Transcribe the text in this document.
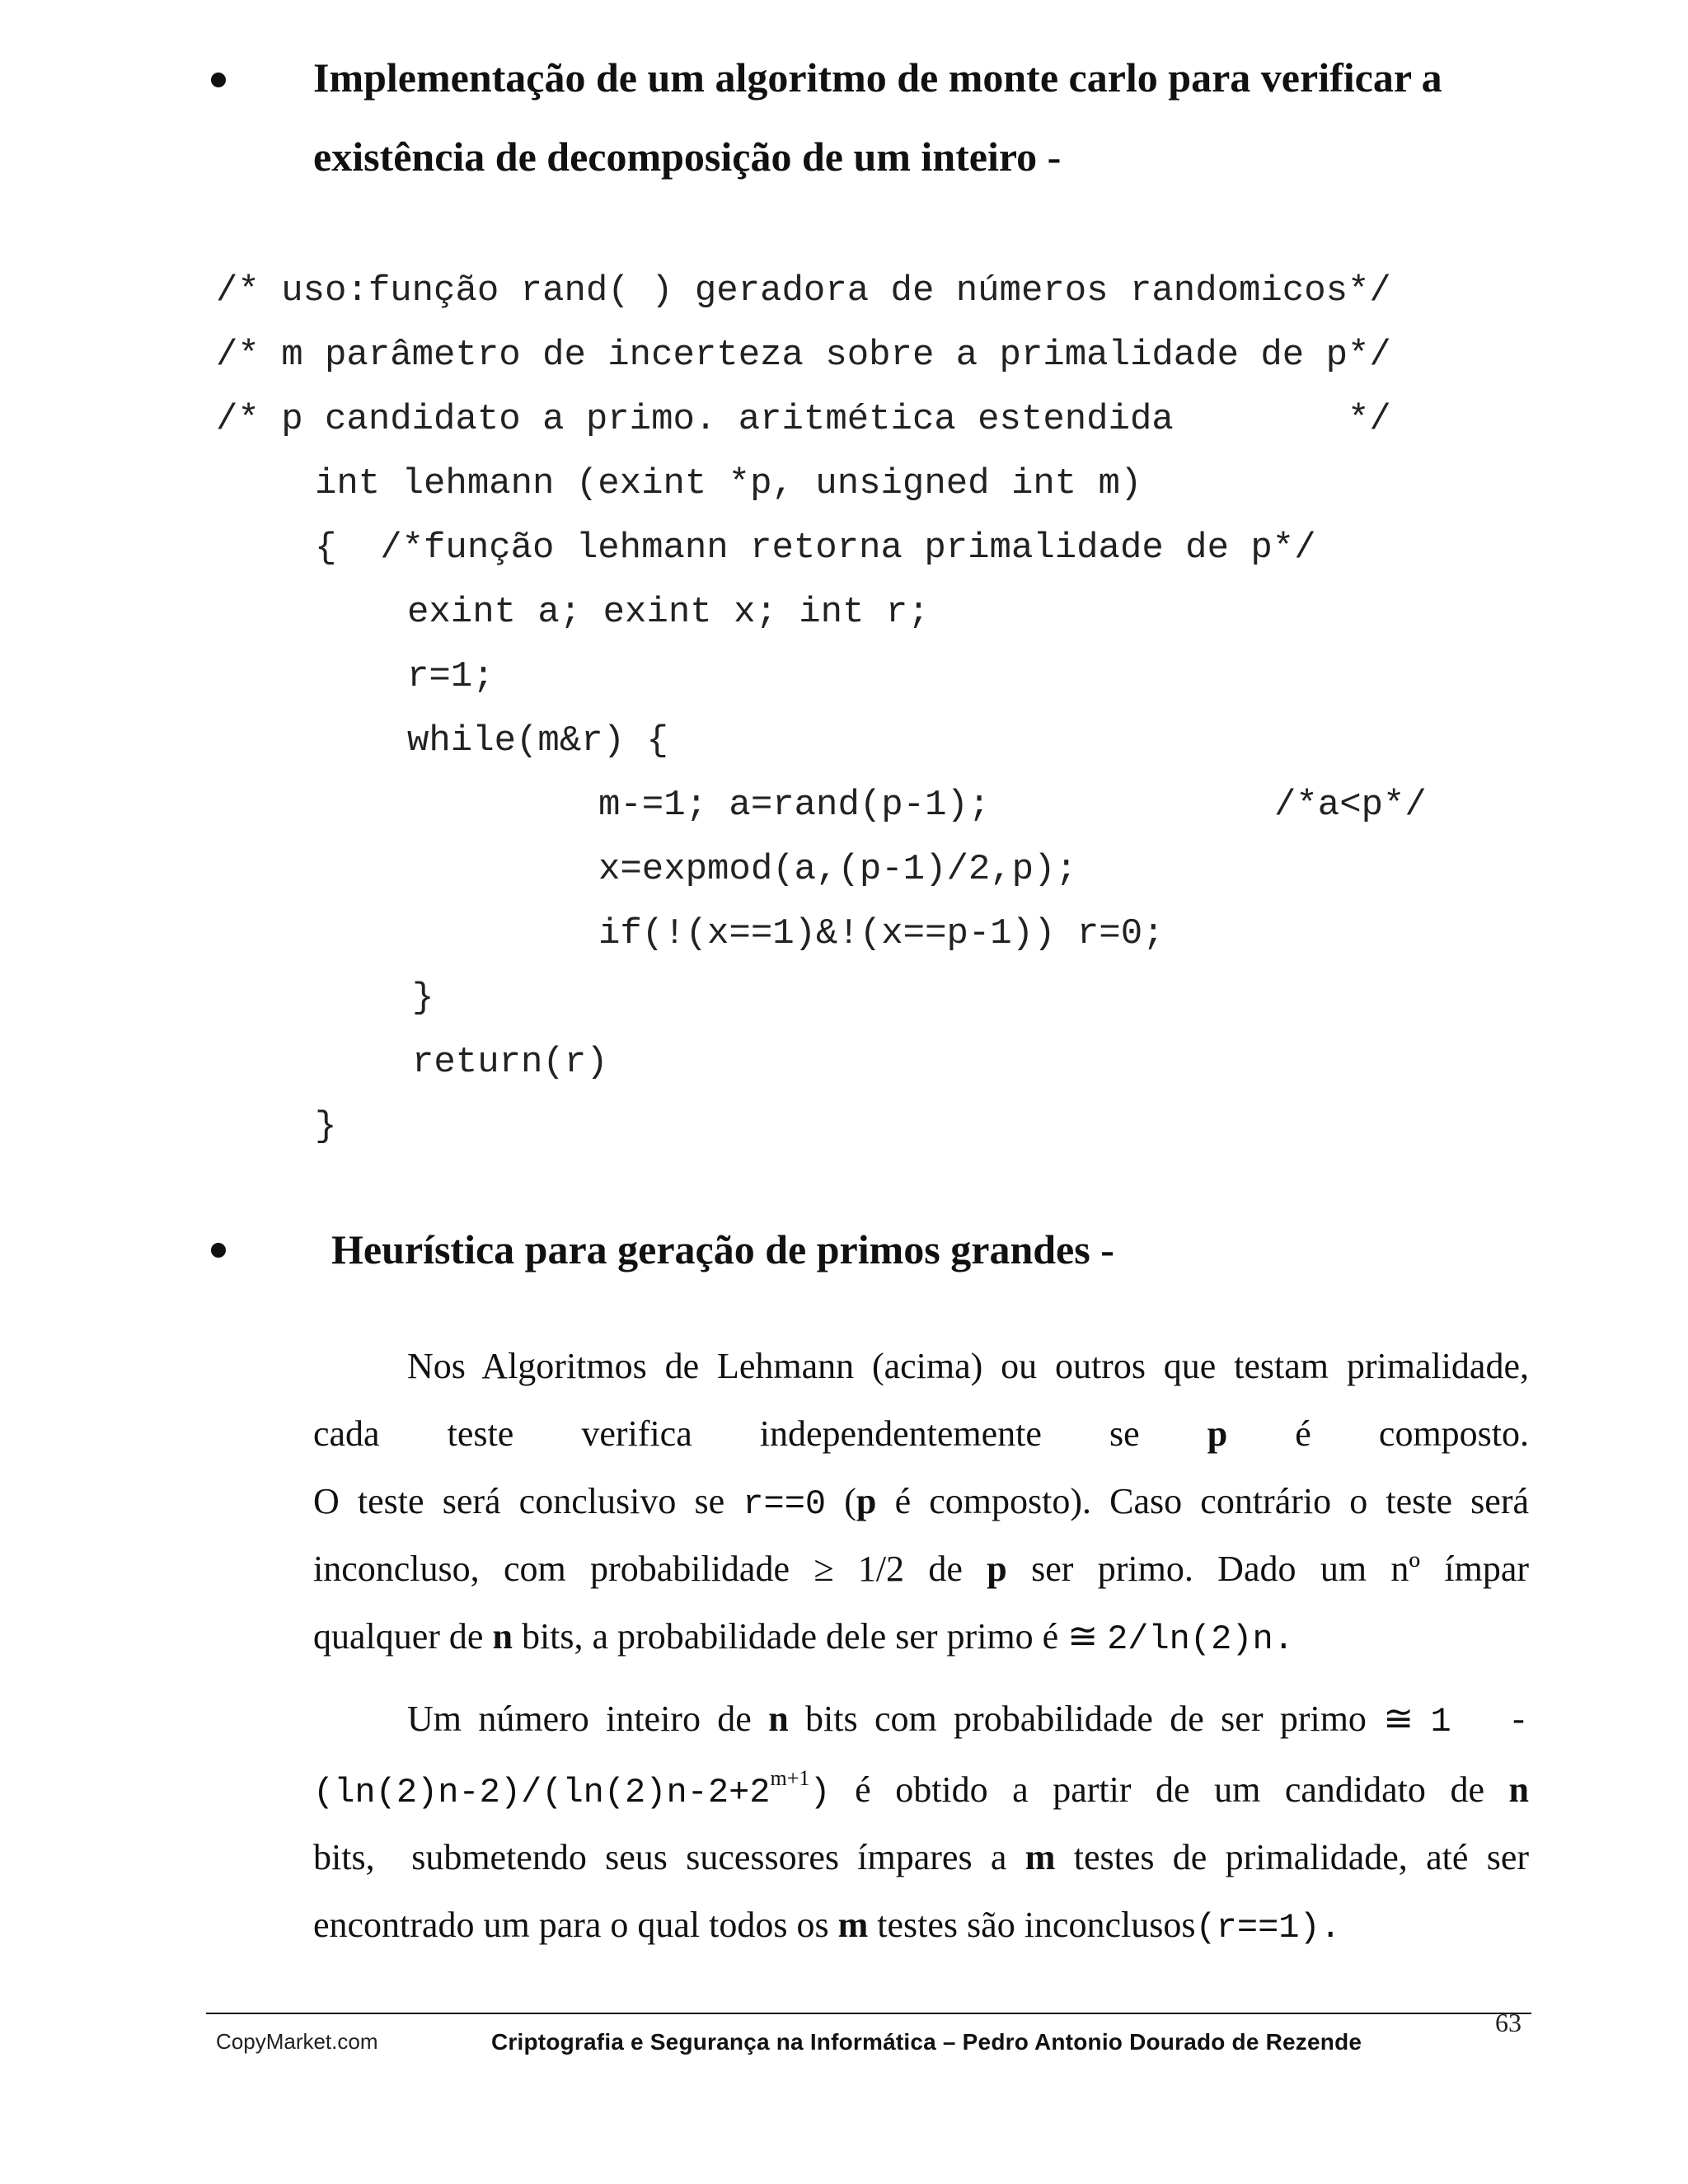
Implementação de um algoritmo de monte carlo para verificar a
existência de decomposição de um inteiro -
/* uso:função rand( ) geradora de números randomicos*/
/* m parâmetro de incerteza sobre a primalidade de p*/
/* p candidato a primo. aritmética estendida        */
int lehmann (exint *p, unsigned int m)
{  /*função lehmann retorna primalidade de p*/
exint a; exint x; int r;
r=1;
while(m&r) {
m-=1; a=rand(p-1);	/*a<p*/
x=expmod(a,(p-1)/2,p);
if(!(x==1)&!(x==p-1)) r=0;
}
return(r)
}
Heurística para geração de primos grandes -
Nos Algoritmos de Lehmann (acima) ou outros que testam primalidade,
cada teste verifica independentemente se p é composto.
O teste será conclusivo se r==0 (p é composto). Caso contrário o teste será
inconcluso, com probabilidade ≥ 1/2 de p ser primo. Dado um nº ímpar
qualquer de n bits, a probabilidade dele ser primo é ≅ 2/ln(2)n.
Um número inteiro de n bits com probabilidade de ser primo ≅ 1  -
$(\ln(2)n-2)/(\ln(2)n-2+2^{m+1})$ é obtido a partir de um candidato de n
bits,  submetendo seus sucessores ímpares a m testes de primalidade, até ser
encontrado um para o qual todos os m testes são inconclusos(r==1).
63
CopyMarket.com	Criptografia e Segurança na Informática – Pedro Antonio Dourado de Rezende
